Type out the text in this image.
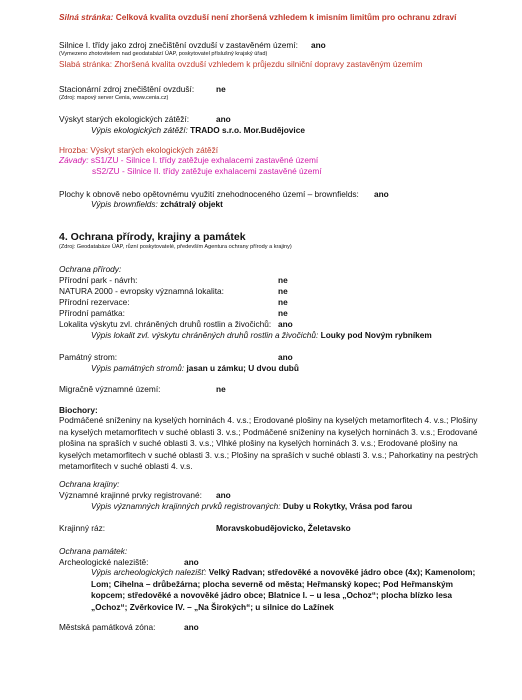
Silná stránka: Celková kvalita ovzduší není zhoršená vzhledem k imisním limitům pro ochranu zdraví
Silnice I. třídy jako zdroj znečištění ovzduší v zastavěném území: ano
(Vymezeno zhotovitelem nad geodatabází ÚAP, poskytovatel příslušný krajský úřad)
Slabá stránka: Zhoršená kvalita ovzduší vzhledem k průjezdu silniční dopravy zastavěným územím
Stacionární zdroj znečištění ovzduší:	ne
(Zdroj: mapový server Cenia, www.cenia.cz)
Výskyt starých ekologických zátěží:	ano
Výpis ekologických zátěží: TRADO s.r.o. Mor.Budějovice
Hrozba: Výskyt starých ekologických zátěží
Závady: sS1/ZU - Silnice I. třídy zatěžuje exhalacemi zastavěné území
sS2/ZU - Silnice II. třídy zatěžuje exhalacemi zastavěné území
Plochy k obnově nebo opětovnému využití znehodnoceného území – brownfields: ano
Výpis brownfields: zchátralý objekt
4. Ochrana přírody, krajiny a památek
(Zdroj: Geodatabáze ÚAP, různí poskytovatelé, především Agentura ochrany přírody a krajiny)
Ochrana přírody:
Přírodní park - návrh:	ne
NATURA 2000 - evropsky významná lokalita:	ne
Přírodní rezervace:	ne
Přírodní památka:	ne
Lokalita výskytu zvl. chráněných druhů rostlin a živočichů: ano
Výpis lokalit zvl. výskytu chráněných druhů rostlin a živočichů: Louky pod Novým rybníkem
Památný strom:	ano
Výpis památných stromů: jasan u zámku; U dvou dubů
Migračně významné území:	ne
Biochory:
Podmáčené sníženiny na kyselých horninách 4. v.s.; Erodované plošiny na kyselých metamorfitech 4. v.s.; Plošiny na kyselých metamorfitech v suché oblasti 3. v.s.; Podmáčené sníženiny na kyselých horninách 3. v.s.; Erodované plošina na spraších v suché oblasti 3. v.s.; Vlhké plošiny na kyselých horninách 3. v.s.; Erodované plošiny na kyselých metamorfitech v suché oblasti 3. v.s.; Plošiny na spraších v suché oblasti 3. v.s.; Pahorkatiny na pestrých metamorfitech v suché oblasti 4. v.s.
Ochrana krajiny:
Významné krajinné prvky registrované: ano
Výpis významných krajinných prvků registrovaných: Duby u Rokytky, Vrása pod farou
Krajinný ráz:	Moravskobudějovicko, Želetavsko
Ochrana památek:
Archeologické naleziště:	ano
Výpis archeologických nalezišť: Velký Radvan; středověké a novověké jádro obce (4x); Kamenolom; Lom; Cihelna – drůbežárna; plocha severně od města; Heřmanský kopec; Pod Heřmanským kopcem; středověké a novověké jádro obce; Blatnice I. – u lesa „Ochoz“; plocha blízko lesa „Ochoz“; Zvěrkovice IV. – „Na Širokých“; u silnice do Lažínek
Městská památková zóna:	ano
